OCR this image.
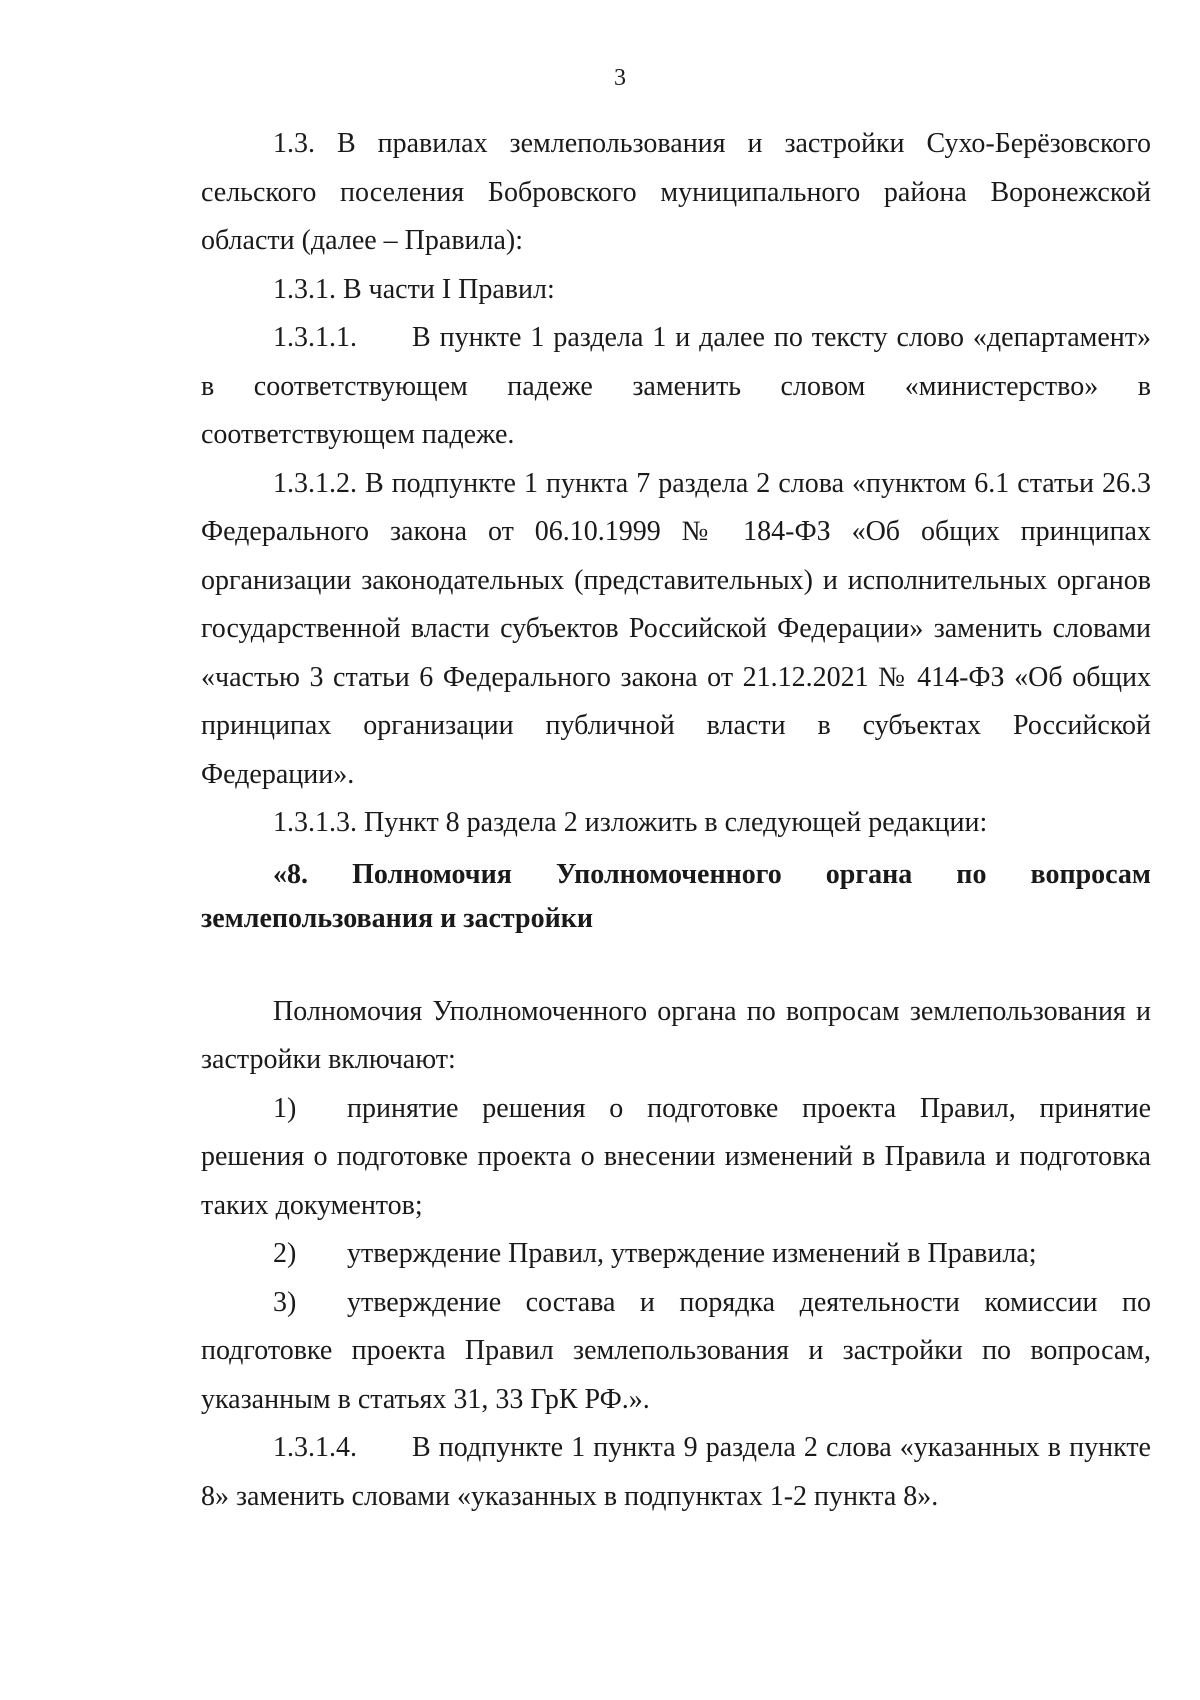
3

1.3. В правилах землепользования и застройки Сухо-Берёзовского сельского поселения Бобровского муниципального района Воронежской области (далее – Правила):

1.3.1. В части I Правил:

1.3.1.1. В пункте 1 раздела 1 и далее по тексту слово «департамент» в соответствующем падеже заменить словом «министерство» в соответствующем падеже.

1.3.1.2. В подпункте 1 пункта 7 раздела 2 слова «пунктом 6.1 статьи 26.3 Федерального закона от 06.10.1999 № 184-ФЗ «Об общих принципах организации законодательных (представительных) и исполнительных органов государственной власти субъектов Российской Федерации» заменить словами «частью 3 статьи 6 Федерального закона от 21.12.2021 № 414-ФЗ «Об общих принципах организации публичной власти в субъектах Российской Федерации».

1.3.1.3. Пункт 8 раздела 2 изложить в следующей редакции:

«8. Полномочия Уполномоченного органа по вопросам

землепользования и застройки

Полномочия Уполномоченного органа по вопросам землепользования и застройки включают:

1) принятие решения о подготовке проекта Правил, принятие решения о подготовке проекта о внесении изменений в Правила и подготовка таких документов;

2) утверждение Правил, утверждение изменений в Правила;

3) утверждение состава и порядка деятельности комиссии по подготовке проекта Правил землепользования и застройки по вопросам, указанным в статьях 31, 33 ГрК РФ.».

1.3.1.4. В подпункте 1 пункта 9 раздела 2 слова «указанных в пункте 8» заменить словами «указанных в подпунктах 1-2 пункта 8».
